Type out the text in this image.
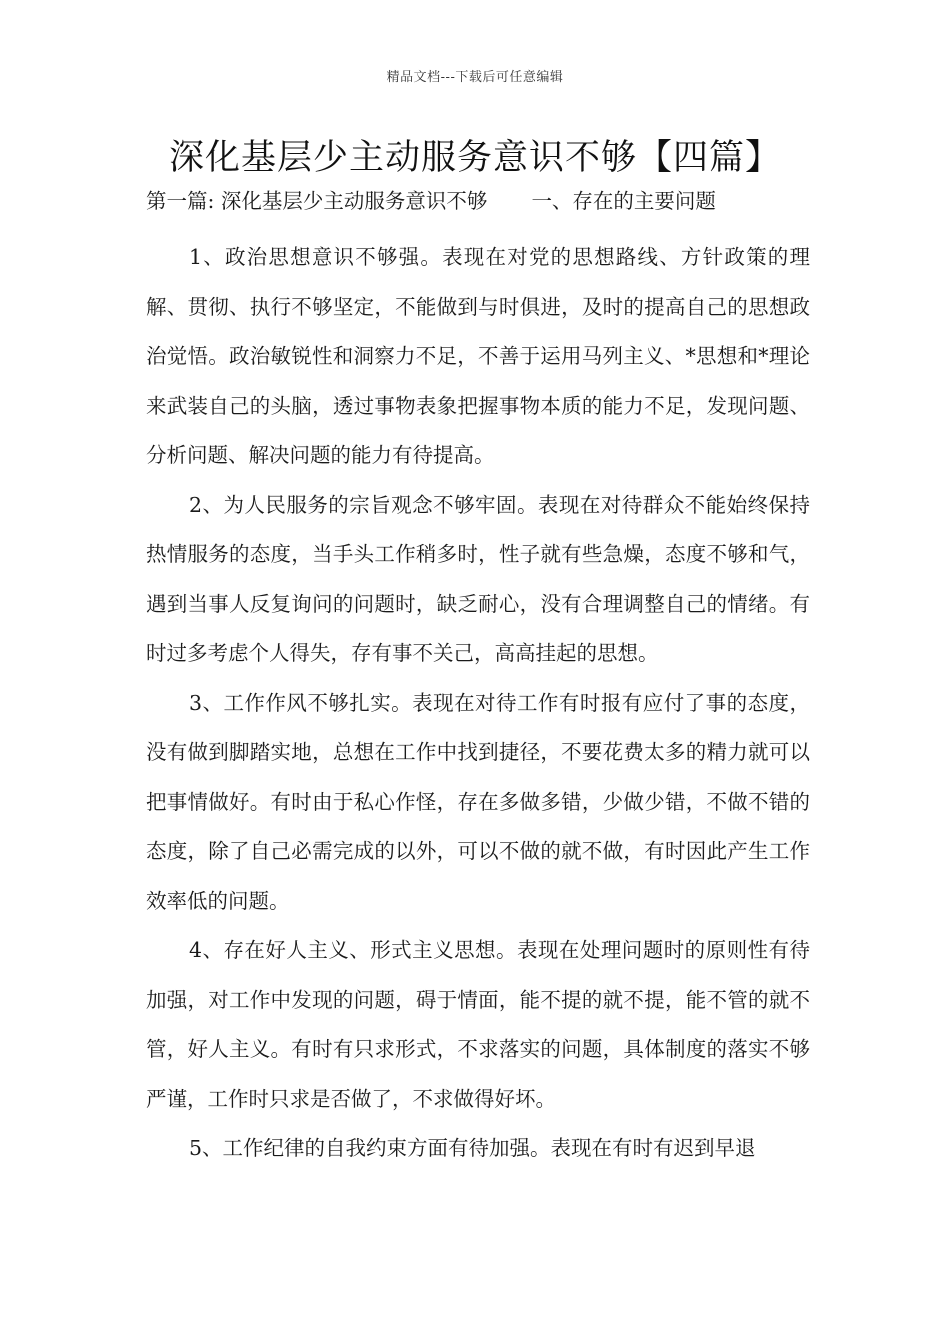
精品文档---下载后可任意编辑
深化基层少主动服务意识不够【四篇】
第一篇: 深化基层少主动服务意识不够 一、存在的主要问题

1、政治思想意识不够强。表现在对党的思想路线、方针政策的理解、贯彻、执行不够坚定，不能做到与时俱进，及时的提高自己的思想政治觉悟。政治敏锐性和洞察力不足，不善于运用马列主义、*思想和*理论来武装自己的头脑，透过事物表象把握事物本质的能力不足，发现问题、分析问题、解决问题的能力有待提高。

2、为人民服务的宗旨观念不够牢固。表现在对待群众不能始终保持热情服务的态度，当手头工作稍多时，性子就有些急燥，态度不够和气，遇到当事人反复询问的问题时，缺乏耐心，没有合理调整自己的情绪。有时过多考虑个人得失，存有事不关己，高高挂起的思想。

3、工作作风不够扎实。表现在对待工作有时报有应付了事的态度，没有做到脚踏实地，总想在工作中找到捷径，不要花费太多的精力就可以把事情做好。有时由于私心作怪，存在多做多错，少做少错，不做不错的态度，除了自己必需完成的以外，可以不做的就不做，有时因此产生工作效率低的问题。

4、存在好人主义、形式主义思想。表现在处理问题时的原则性有待加强，对工作中发现的问题，碍于情面，能不提的就不提，能不管的就不管，好人主义。有时有只求形式，不求落实的问题，具体制度的落实不够严谨，工作时只求是否做了，不求做得好坏。

5、工作纪律的自我约束方面有待加强。表现在有时有迟到早退
